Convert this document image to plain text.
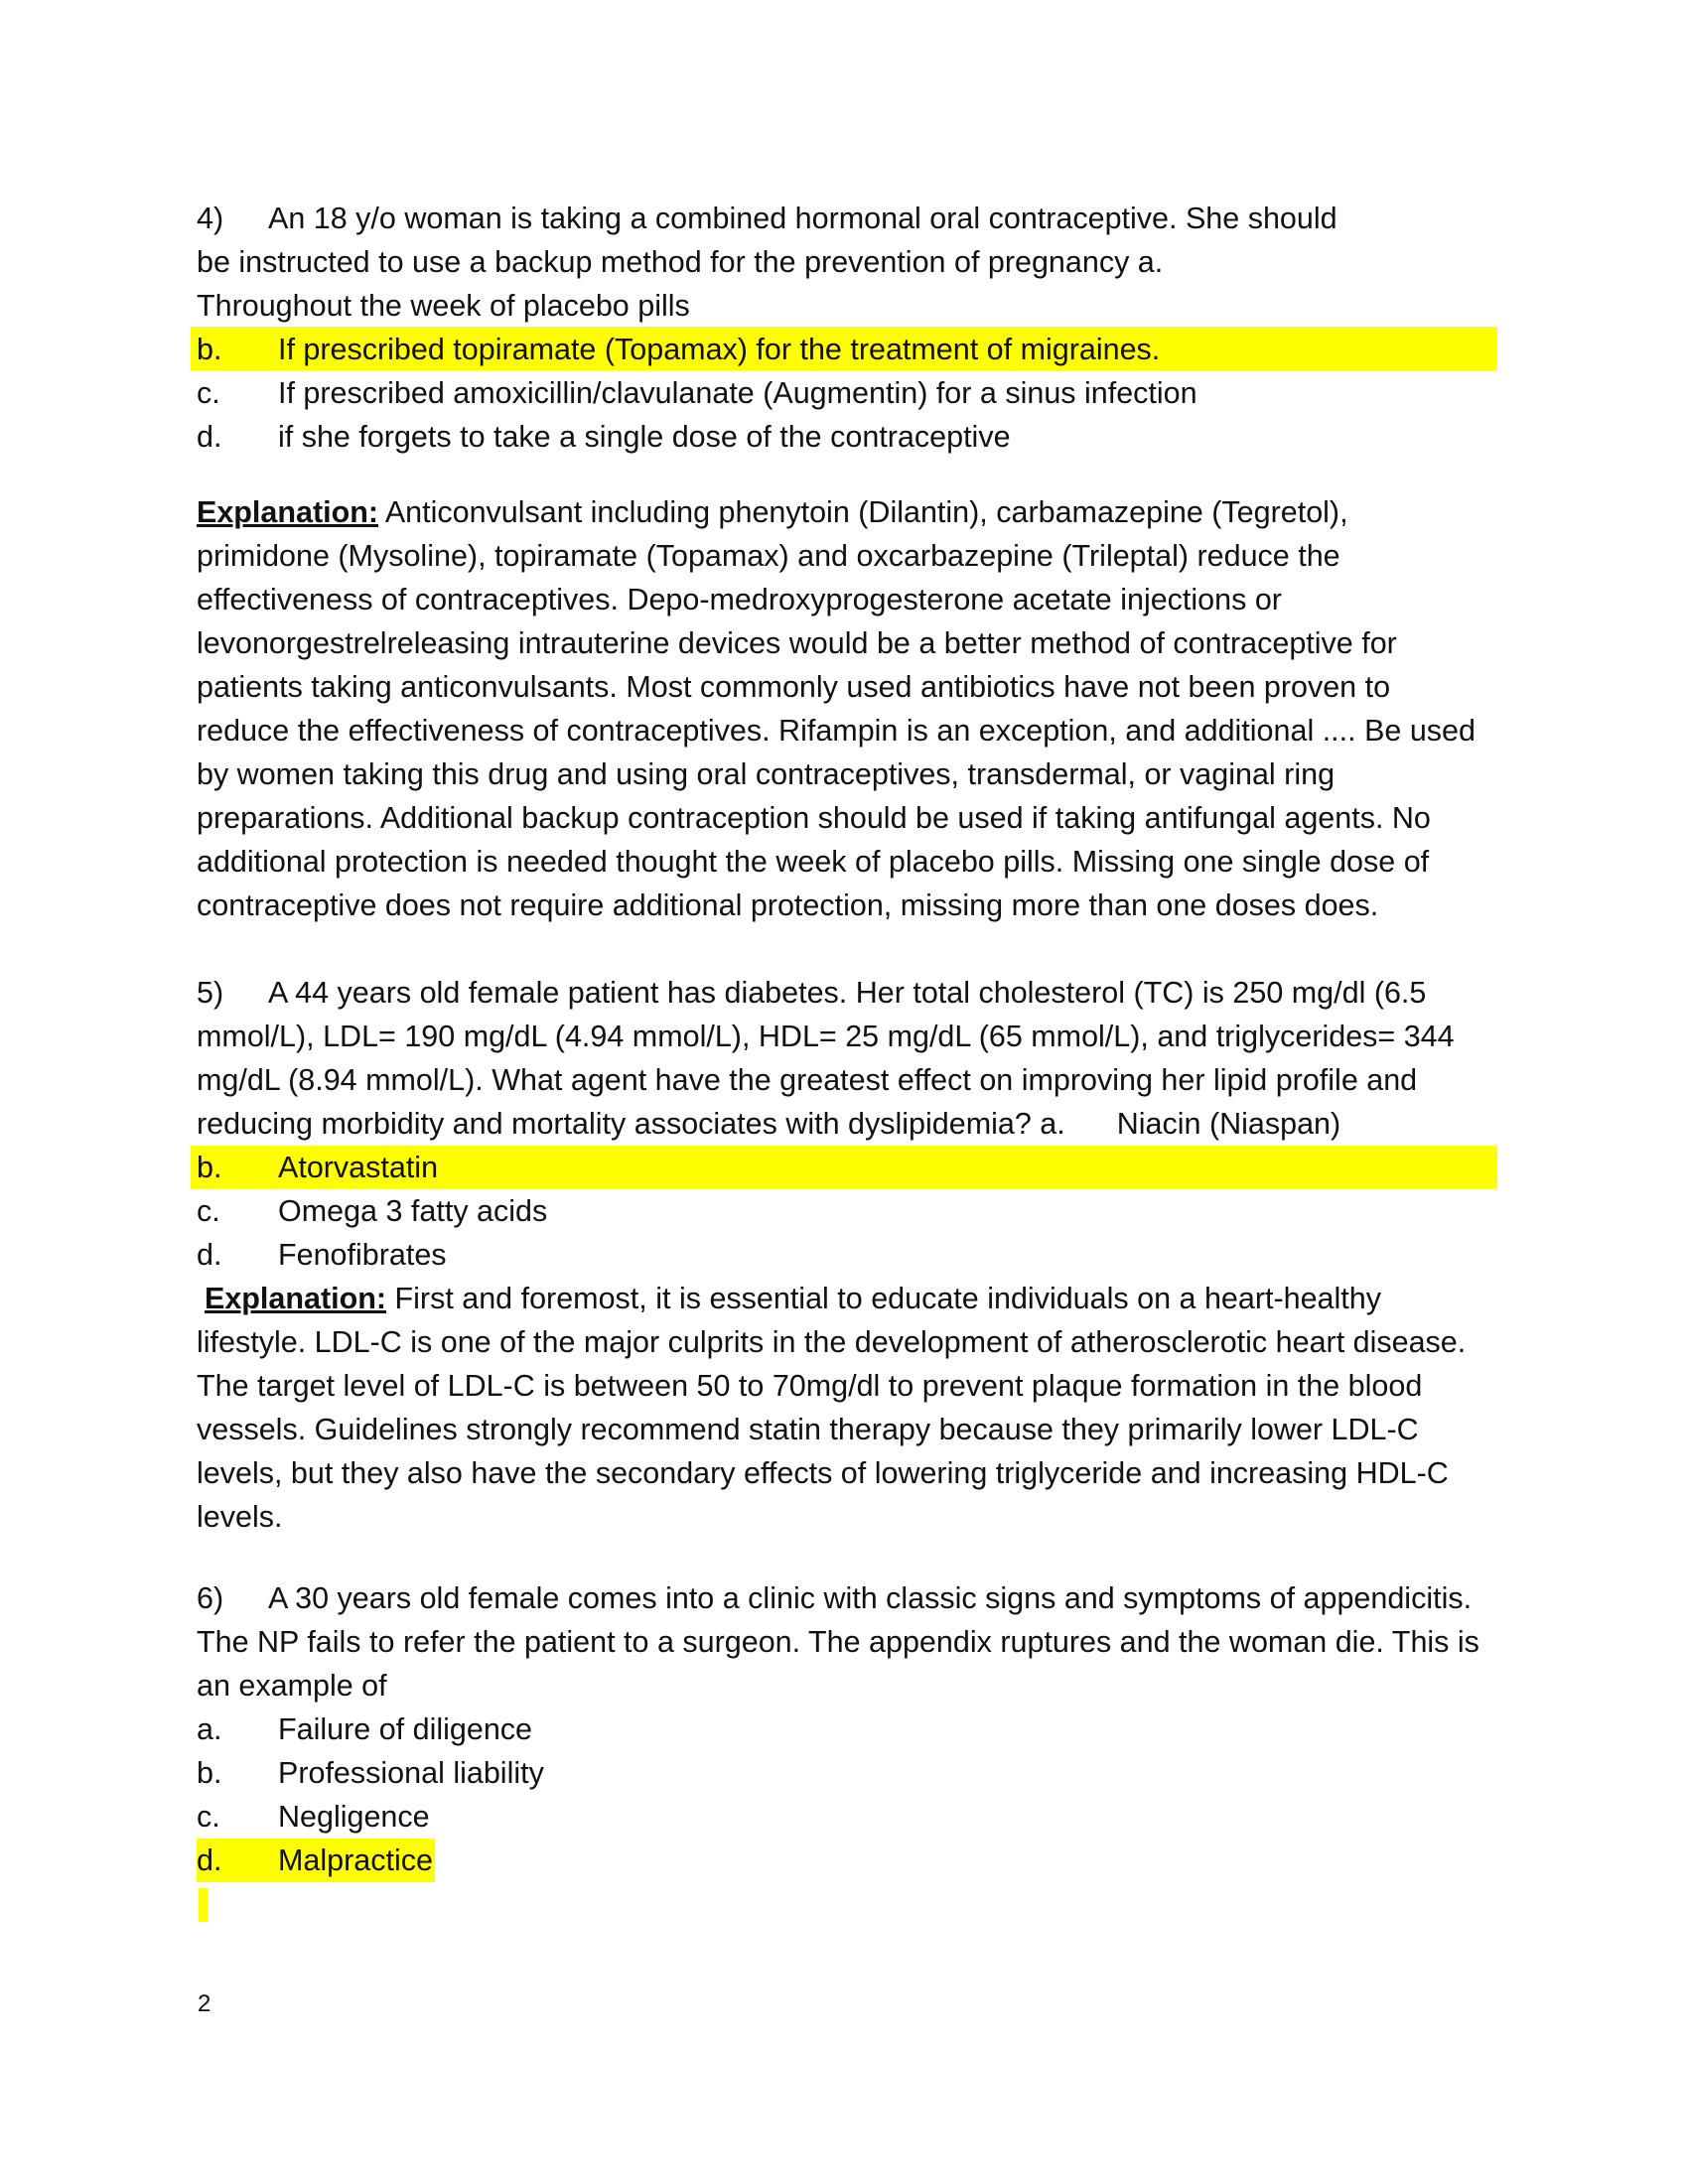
4) An 18 y/o woman is taking a combined hormonal oral contraceptive. She should
be instructed to use a backup method for the prevention of pregnancy a.
Throughout the week of placebo pills
b. If prescribed topiramate (Topamax) for the treatment of migraines.
c. If prescribed amoxicillin/clavulanate (Augmentin) for a sinus infection
d. if she forgets to take a single dose of the contraceptive
Explanation: Anticonvulsant including phenytoin (Dilantin), carbamazepine (Tegretol),
primidone (Mysoline), topiramate (Topamax) and oxcarbazepine (Trileptal) reduce the
effectiveness of contraceptives. Depo-medroxyprogesterone acetate injections or
levonorgestrelreleasing intrauterine devices would be a better method of contraceptive for
patients taking anticonvulsants. Most commonly used antibiotics have not been proven to
reduce the effectiveness of contraceptives. Rifampin is an exception, and additional .... Be used
by women taking this drug and using oral contraceptives, transdermal, or vaginal ring
preparations. Additional backup contraception should be used if taking antifungal agents. No
additional protection is needed thought the week of placebo pills. Missing one single dose of
contraceptive does not require additional protection, missing more than one doses does.
5) A 44 years old female patient has diabetes. Her total cholesterol (TC) is 250 mg/dl (6.5
mmol/L), LDL= 190 mg/dL (4.94 mmol/L), HDL= 25 mg/dL (65 mmol/L), and triglycerides= 344
mg/dL (8.94 mmol/L). What agent have the greatest effect on improving her lipid profile and
reducing morbidity and mortality associates with dyslipidemia? a. Niacin (Niaspan)
b. Atorvastatin
c. Omega 3 fatty acids
d. Fenofibrates
Explanation: First and foremost, it is essential to educate individuals on a heart-healthy
lifestyle. LDL-C is one of the major culprits in the development of atherosclerotic heart disease.
The target level of LDL-C is between 50 to 70mg/dl to prevent plaque formation in the blood
vessels. Guidelines strongly recommend statin therapy because they primarily lower LDL-C
levels, but they also have the secondary effects of lowering triglyceride and increasing HDL-C
levels.
6) A 30 years old female comes into a clinic with classic signs and symptoms of appendicitis.
The NP fails to refer the patient to a surgeon. The appendix ruptures and the woman die. This is
an example of
a. Failure of diligence
b. Professional liability
c. Negligence
d. Malpractice
2
